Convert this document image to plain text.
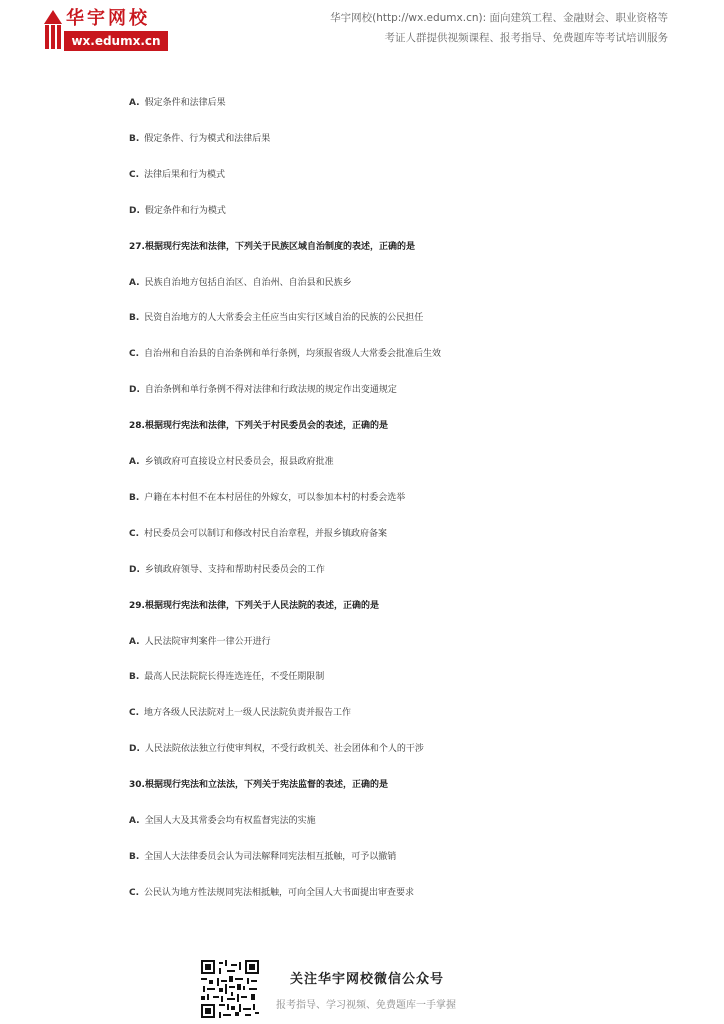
华宇网校
wx.edumx.cn
华宇网校(http://wx.edumx.cn): 面向建筑工程、金融财会、职业资格等
考证人群提供视频课程、报考指导、免费题库等考试培训服务
A. 假定条件和法律后果
B. 假定条件、行为模式和法律后果
C. 法律后果和行为模式
D. 假定条件和行为模式
27.根据现行宪法和法律，下列关于民族区域自治制度的表述，正确的是
A. 民族自治地方包括自治区、自治州、自治县和民族乡
B. 民资自治地方的人大常委会主任应当由实行区域自治的民族的公民担任
C. 自治州和自治县的自治条例和单行条例，均须报省级人大常委会批准后生效
D. 自治条例和单行条例不得对法律和行政法规的规定作出变通规定
28.根据现行宪法和法律，下列关于村民委员会的表述，正确的是
A. 乡镇政府可直接设立村民委员会，报县政府批准
B. 户籍在本村但不在本村居住的外嫁女，可以参加本村的村委会选举
C. 村民委员会可以制订和修改村民自治章程，并报乡镇政府备案
D. 乡镇政府领导、支持和帮助村民委员会的工作
29.根据现行宪法和法律，下列关于人民法院的表述，正确的是
A. 人民法院审判案件一律公开进行
B. 最高人民法院院长得连选连任，不受任期限制
C. 地方各级人民法院对上一级人民法院负责并报告工作
D. 人民法院依法独立行使审判权，不受行政机关、社会团体和个人的干涉
30.根据现行宪法和立法法，下列关于宪法监督的表述，正确的是
A. 全国人大及其常委会均有权监督宪法的实施
B. 全国人大法律委员会认为司法解释同宪法相互抵触，可予以撤销
C. 公民认为地方性法规同宪法相抵触，可向全国人大书面提出审查要求
关注华宇网校微信公众号
报考指导、学习视频、免费题库一手掌握
